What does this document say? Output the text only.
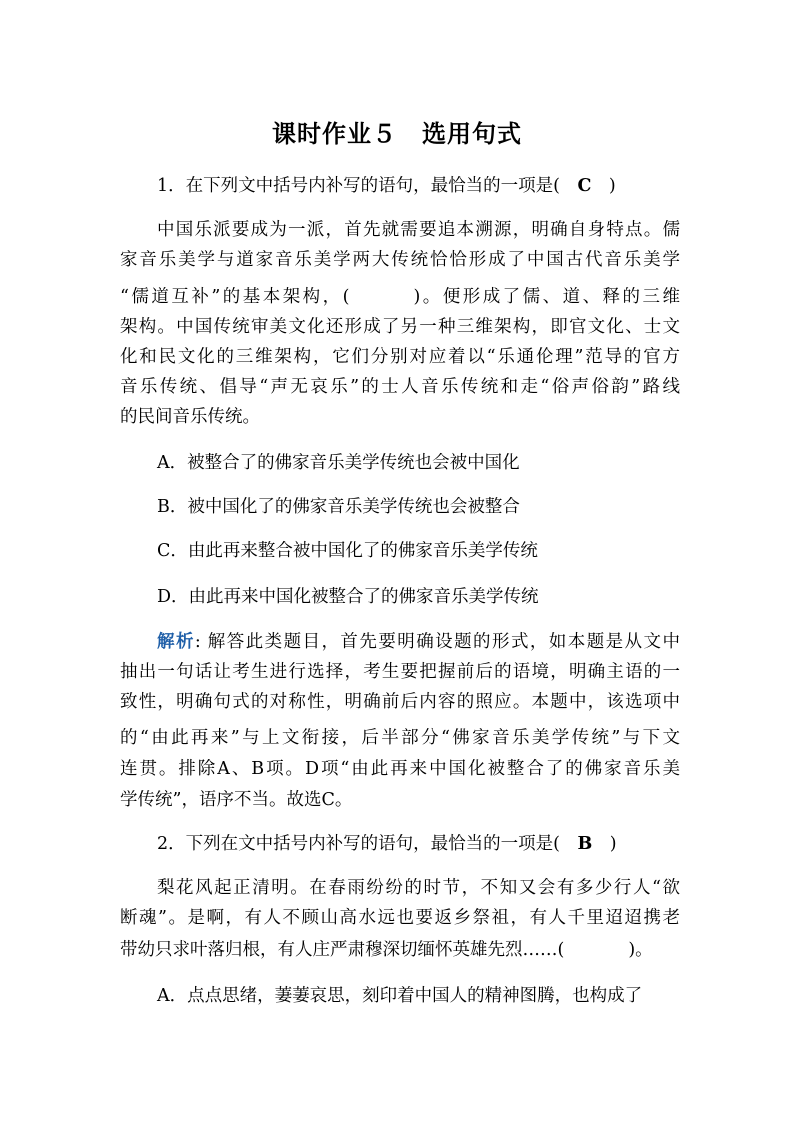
课时作业５　选用句式
1．在下列文中括号内补写的语句，最恰当的一项是(　C　)
中国乐派要成为一派，首先就需要追本溯源，明确自身特点。儒
家音乐美学与道家音乐美学两大传统恰恰形成了中国古代音乐美学
“儒道互补”的基本架构，(	)。便形成了儒、道、释的三维
架构。中国传统审美文化还形成了另一种三维架构，即官文化、士文
化和民文化的三维架构，它们分别对应着以“乐通伦理”范导的官方
音乐传统、倡导“声无哀乐”的士人音乐传统和走“俗声俗韵”路线
的民间音乐传统。
A．被整合了的佛家音乐美学传统也会被中国化
B．被中国化了的佛家音乐美学传统也会被整合
C．由此再来整合被中国化了的佛家音乐美学传统
D．由此再来中国化被整合了的佛家音乐美学传统
解析: 解答此类题目，首先要明确设题的形式，如本题是从文中
抽出一句话让考生进行选择，考生要把握前后的语境，明确主语的一
致性，明确句式的对称性，明确前后内容的照应。本题中，该选项中
的“由此再来”与上文衔接，后半部分“佛家音乐美学传统”与下文
连贯。排除A、B项。D项“由此再来中国化被整合了的佛家音乐美
学传统”，语序不当。故选C。
2．下列在文中括号内补写的语句，最恰当的一项是(　B　)
梨花风起正清明。在春雨纷纷的时节，不知又会有多少行人“欲
断魂”。是啊，有人不顾山高水远也要返乡祭祖，有人千里迢迢携老
带幼只求叶落归根，有人庄严肃穆深切缅怀英雄先烈……(	)。
A．点点思绪，萋萋哀思，刻印着中国人的精神图腾，也构成了
